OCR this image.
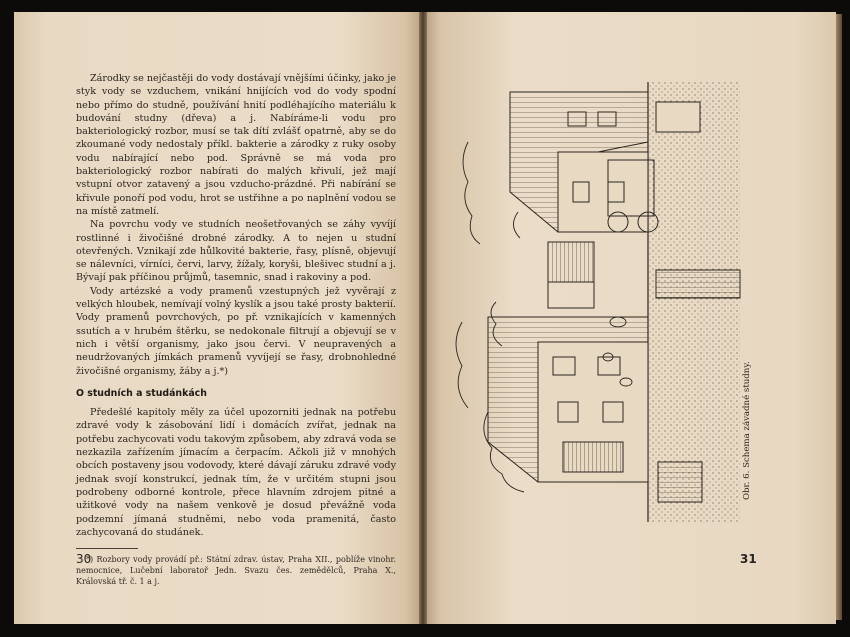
Zárodky se nejčastěji do vody dostávají vnějšími účinky, jako je styk vody se vzduchem, vnikání hnijících vod do vody spodní nebo přímo do studně, používání hnití podléhajícího materiálu k budování studny (dřeva) a j. Nabíráme-li vodu pro bakteriologický rozbor, musí se tak dítí zvlášť opatrně, aby se do zkoumané vody nedostaly příkl. bakterie a zárodky z ruky osoby vodu nabírající nebo pod. Správně se má voda pro bakteriologický rozbor nabírati do malých křivulí, jež mají vstupní otvor zatavený a jsou vzducho-prázdné. Při nabírání se křivule ponoří pod vodu, hrot se ustřihne a po naplnění vodou se na místě zatmelí.

Na povrchu vody ve studních neošetřovaných se záhy vyvíjí rostlinné i živočišné drobné zárodky. A to nejen u studní otevřených. Vznikají zde hůlkovité bakterie, řasy, plísně, objevují se nálevníci, vírníci, červi, larvy, žížaly, koryši, blešivec studní a j. Bývají pak příčinou průjmů, tasemnic, snad i rakoviny a pod.

Vody artézské a vody pramenů vzestupných jež vyvěrají z velkých hloubek, nemívají volný kyslík a jsou také prosty bakterií. Vody pramenů povrchových, po př. vznikajících v kamenných ssutích a v hrubém štěrku, se nedokonale filtrují a objevují se v nich i větší organismy, jako jsou červi. V neupravených a neudržovaných jímkách pramenů vyvíjejí se řasy, drobnohledné živočišné organismy, žáby a j.*)

O studních a studánkách

Předešlé kapitoly měly za účel upozorniti jednak na potřebu zdravé vody k zásobování lidí i domácích zvířat, jednak na potřebu zachycovati vodu takovým způsobem, aby zdravá voda se nezkazila zařízením jímacím a čerpacím. Ačkoli již v mnohých obcích postaveny jsou vodovody, které dávají záruku zdravé vody jednak svojí konstrukcí, jednak tím, že v určitém stupni jsou podrobeny odborné kontrole, přece hlavním zdrojem pitné a užitkové vody na našem venkově je dosud převážně voda podzemní jímaná studněmi, nebo voda pramenitá, často zachycovaná do studánek.

*) Rozbory vody provádí př.: Státní zdrav. ústav, Praha XII., poblíže vinohr. nemocnice, Lučební laboratoř Jedn. Svazu čes. zemědělců, Praha X., Královská tř. č. 1 a j.

30	31
Obr. 6. Schema závadné studny.
